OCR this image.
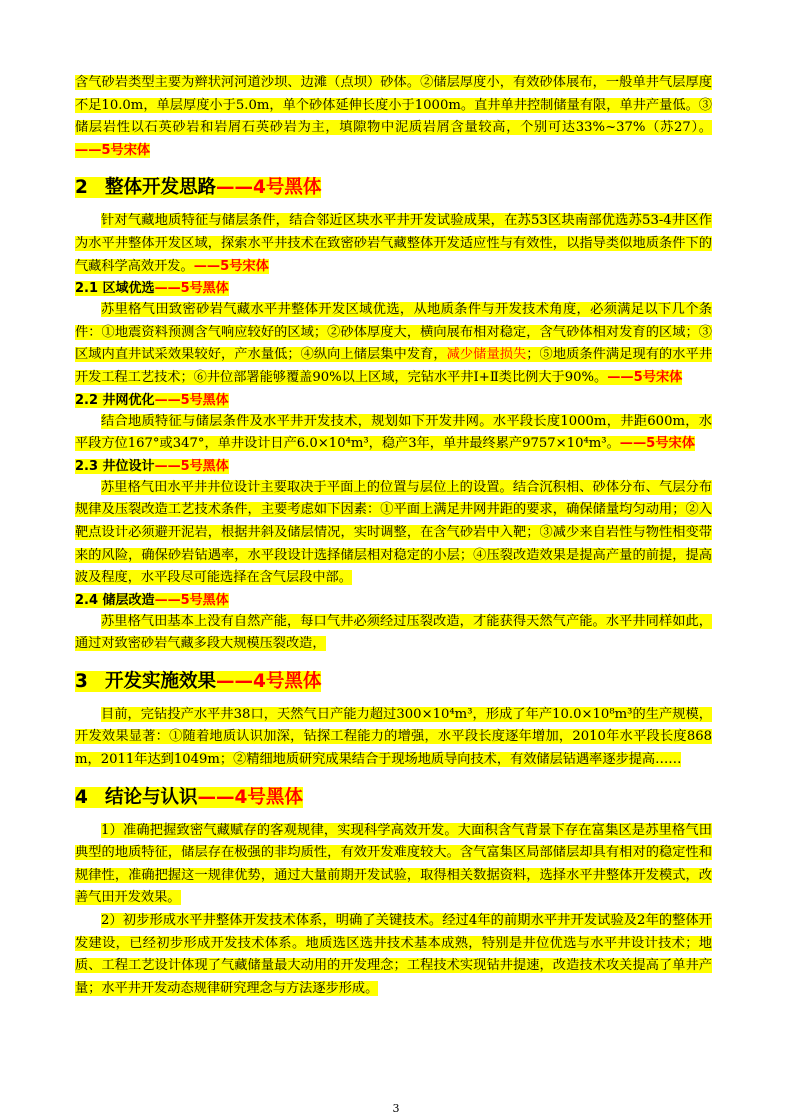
含气砂岩类型主要为辫状河河道沙坝、边滩（点坝）砂体。②储层厚度小，有效砂体展布，一般单井气层厚度不足10.0m，单层厚度小于5.0m，单个砂体延伸长度小于1000m。直井单井控制储量有限，单井产量低。③储层岩性以石英砂岩和岩屑石英砂岩为主，填隙物中泥质岩屑含量较高，个别可达33%~37%（苏27）。 ——5号宋体

2 整体开发思路——4号黑体

针对气藏地质特征与储层条件，结合邻近区块水平井开发试验成果，在苏53区块南部优选苏53-4井区作为水平井整体开发区域，探索水平井技术在致密砂岩气藏整体开发适应性与有效性，以指导类似地质条件下的气藏科学高效开发。——5号宋体

2.1 区域优选——5号黑体

苏里格气田致密砂岩气藏水平井整体开发区域优选，从地质条件与开发技术角度，必须满足以下几个条件：①地震资料预测含气响应较好的区域；②砂体厚度大，横向展布相对稳定，含气砂体相对发育的区域；③区域内直井试采效果较好，产水量低；④纵向上储层集中发育，减少储量损失；⑤地质条件满足现有的水平井开发工程工艺技术；⑥井位部署能够覆盖90%以上区域，完钻水平井Ⅰ+Ⅱ类比例大于90%。——5号宋体

2.2 井网优化——5号黑体

结合地质特征与储层条件及水平井开发技术，规划如下开发井网。水平段长度1000m，井距600m，水平段方位167°或347°，单井设计日产6.0×10⁴m³，稳产3年，单井最终累产9757×10⁴m³。——5号宋体

2.3 井位设计——5号黑体

苏里格气田水平井井位设计主要取决于平面上的位置与层位上的设置。结合沉积相、砂体分布、气层分布规律及压裂改造工艺技术条件，主要考虑如下因素：①平面上满足井网井距的要求，确保储量均匀动用；②入靶点设计必须避开泥岩，根据井斜及储层情况，实时调整，在含气砂岩中入靶；③减少来自岩性与物性相变带来的风险，确保砂岩钻遇率，水平段设计选择储层相对稳定的小层；④压裂改造效果是提高产量的前提，提高波及程度，水平段尽可能选择在含气层段中部。

2.4 储层改造——5号黑体

苏里格气田基本上没有自然产能，每口气井必须经过压裂改造，才能获得天然气产能。水平井同样如此，通过对致密砂岩气藏多段大规模压裂改造，

3 开发实施效果——4号黑体

目前，完钻投产水平井38口，天然气日产能力超过300×10⁴m³，形成了年产10.0×10⁸m³的生产规模，开发效果显著：①随着地质认识加深，钻探工程能力的增强，水平段长度逐年增加，2010年水平段长度868m，2011年达到1049m；②精细地质研究成果结合于现场地质导向技术，有效储层钻遇率逐步提高……

4 结论与认识——4号黑体

1）准确把握致密气藏赋存的客观规律，实现科学高效开发。大面积含气背景下存在富集区是苏里格气田典型的地质特征，储层存在极强的非均质性，有效开发难度较大。含气富集区局部储层却具有相对的稳定性和规律性，准确把握这一规律优势，通过大量前期开发试验，取得相关数据资料，选择水平井整体开发模式，改善气田开发效果。

2）初步形成水平井整体开发技术体系，明确了关键技术。经过4年的前期水平井开发试验及2年的整体开发建设，已经初步形成开发技术体系。地质选区选井技术基本成熟，特别是井位优选与水平井设计技术；地质、工程工艺设计体现了气藏储量最大动用的开发理念；工程技术实现钻井提速，改造技术攻关提高了单井产量；水平井开发动态规律研究理念与方法逐步形成。

3
